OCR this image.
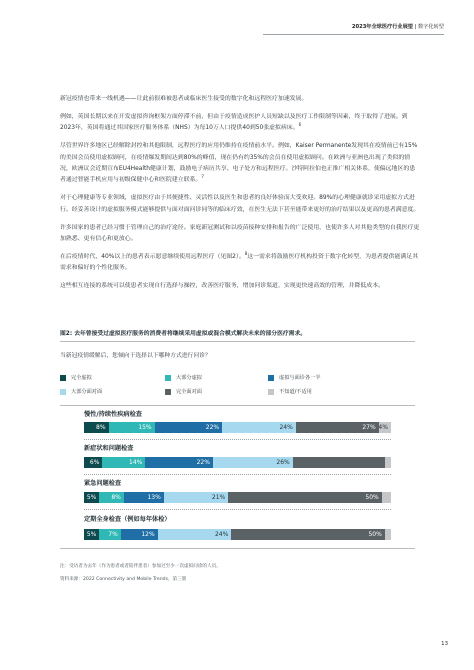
2023年全球医疗行业展望 | 数字化转型

新冠疫情也带来一线机遇——让此前很难被患者或临床医生接受的数字化和远程医疗加速发展。

例如，英国长期以来在开发虚拟咨询框架方面停滞不前，但由于疫情造成医护人员短缺以及医疗工作限制等因素，终于取得了进展。到2023年，英国将通过其国家医疗服务体系（NHS）为每10万人口提供40到50张虚拟病床。$^6$

尽管世界许多地区已经解除封控和其他限制，远程医疗的应用仍维持在疫情前水平。例如，Kaiser Permanente发现其在疫情前已有15%的美国会员使用虚拟顾问，在疫情爆发期间达到80%的峰值，现在仍有约35%的会员在使用虚拟顾问。在欧洲与亚洲也出现了类似的情况，欧洲议会近期宣布EU4Health健康计划，鼓励电子病历共享、电子处方和远程医疗。沙特阿拉伯也正推广相关体系，使偏远地区的患者通过智能手机应用与初级保健中心和医院建立联系。$^7$

对于心理健康等专业领域，虚拟医疗由于其便捷性、灵活性以及医生和患者的良好体验而大受欢迎。89%的心理健康就诊采用虚拟方式进行。经妥善设计的虚拟服务模式能够提供与面对面问诊同等的临床疗效，在医生无法下甚至能带来更好的治疗结果以及更高的患者满意度。

许多国家的患者已经习惯于管理自己的治疗途径。家庭新冠测试和以疫苗接种安排和报告的广泛使用，也使许多人对其他类型的自我医疗更加熟悉、更有信心和更放心。

在后疫情时代，40%以上的患者表示愿意继续使用远程医疗（见图2）。$^8$这一需求将鼓励医疗机构投资于数字化转型，为患者提供能满足其需求和偏好的个性化服务。

这些相互连接的系统可以使患者实现自行选择与操控，改善医疗服务，增加问诊渠道，实现更快速高效的管理，并降低成本。

图2: 去年曾接受过虚拟医疗服务的消费者将继续采用虚拟或混合模式解决未来的部分医疗需求。
当新冠疫情缓解后，您倾向于选择以下哪种方式进行问诊？
完全虚拟	大部分虚拟	虚拟与面诊各一半
大部分面对面	完全面对面	不知道/不适用
慢性/持续性疾病检查
8%	15%	22%	24%	27% 4%
新症状和问题检查
6%	14%	22%	26%
紧急问题检查
5%	8%	13%	21%	50%
定期全身检查（例如每年体检）
5% 7%	12%	24%	50%
注：受访者为去年（作为患者或者陪伴患者）参加过至少一次虚拟问诊的人员。
资料来源：2022 Connectivity and Mobile Trends，第三版
13
